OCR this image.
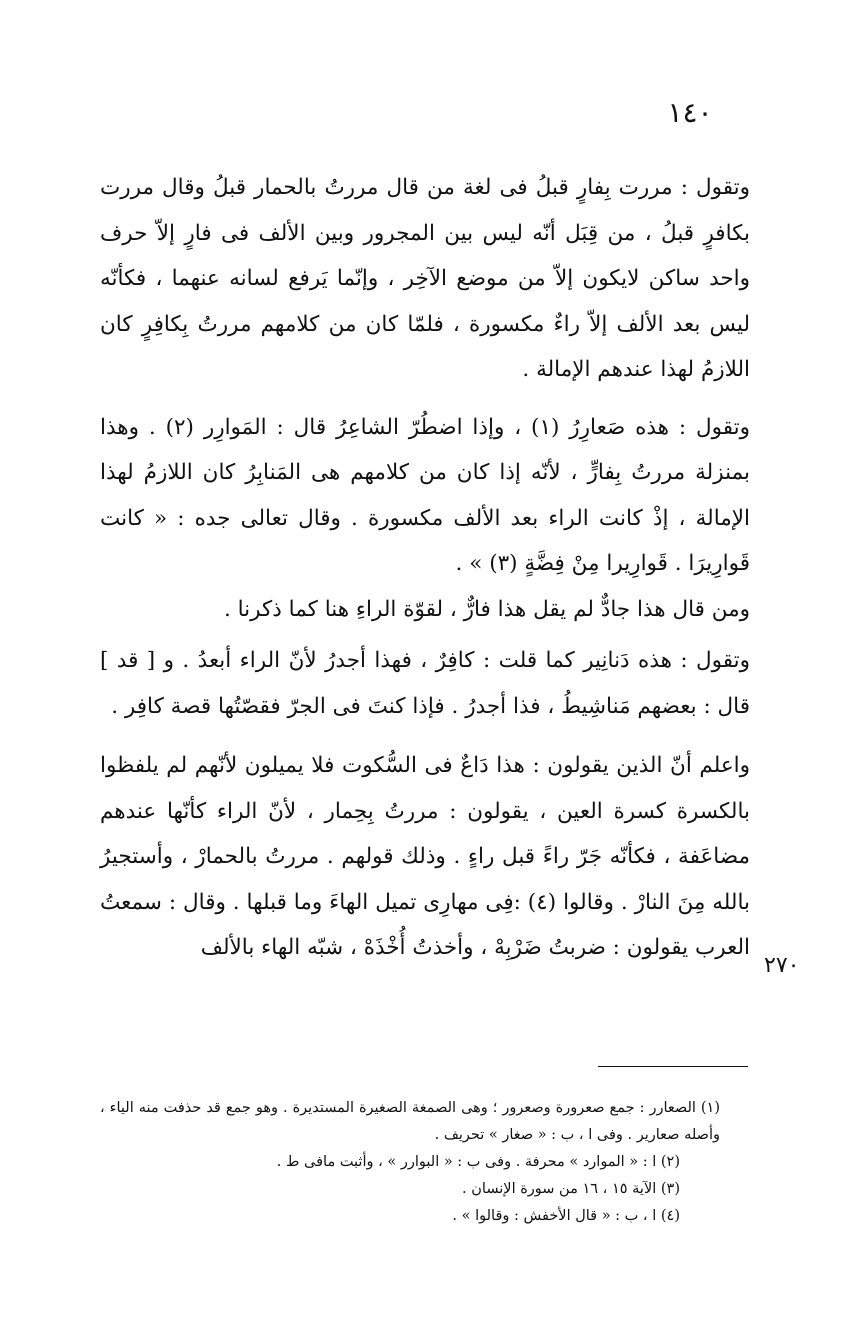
١٤٠

وتقول : مررت بِفارٍ قبلُ فى لغة من قال مررتُ بالحمار قبلُ وقال مررت بكافرٍ قبلُ ، من قِبَل أنّه ليس بين المجرور وبين الألف فى فارٍ إلاّ حرف واحد ساكن لايكون إلاّ من موضع الآخِر ، وإنّما يَرفع لسانه عنهما ، فكأنّه ليس بعد الألف إلاّ راءٌ مكسورة ، فلمّا كان من كلامهم مررتُ بِكافِرٍ كان اللازمُ لهذا عندهم الإمالة .

وتقول : هذه صَعارِرُ (١) ، وإذا اضطُرّ الشاعِرُ قال : المَوارِر (٢) . وهذا بمنزلة مررتُ بِفارٍّ ، لأنّه إذا كان من كلامهم هى المَنابِرُ كان اللازمُ لهذا الإمالة ، إذْ كانت الراء بعد الألف مكسورة . وقال تعالى جده : « كانت قَوارِيرَا . قَوارِيرا مِنْ فِضَّةٍ (٣) » .

ومن قال هذا جادٌّ لم يقل هذا فارٌّ ، لقوّة الراءِ هنا كما ذكرنا .

وتقول : هذه دَنانِير كما قلت : كافِرٌ ، فهذا أجدرُ لأنّ الراء أبعدُ . و [ قد ] قال : بعضهم مَناشِيطُ ، فذا أجدرُ . فإذا كنتَ فى الجرّ فقصّتُها قصة كافِر .

واعلم أنّ الذين يقولون : هذا دَاعٌ فى السُّكوت فلا يميلون لأنّهم لم يلفظوا بالكسرة كسرة العين ، يقولون : مررتُ بِحِمار ، لأنّ الراء كأنّها عندهم مضاعَفة ، فكأنّه جَرّ راءً قبل راءٍ . وذلك قولهم . مررتُ بالحمارْ ، وأستجيرُ بالله مِنَ النارْ . وقالوا (٤) :فِى مهارِى تميل الهاءَ وما قبلها . وقال : سمعتُ العرب يقولون : ضربتُ ضَرْبِهْ ، وأخذتُ أُخْذَهْ ، شبّه الهاء بالألف

٢٧٠

(١) الصعارر : جمع صعرورة وصعرور ؛ وهى الصمغة الصغيرة المستديرة . وهو جمع قد حذفت منه الياء ، وأصله صعارير . وفى ا ، ب : « صغار » تحريف .

(٢) ا : « الموارد » محرفة . وفى ب : « البوارر » ، وأثبت مافى ط .

(٣) الآية ١٥ ، ١٦ من سورة الإنسان .

(٤) ا ، ب : « قال الأخفش : وقالوا » .
